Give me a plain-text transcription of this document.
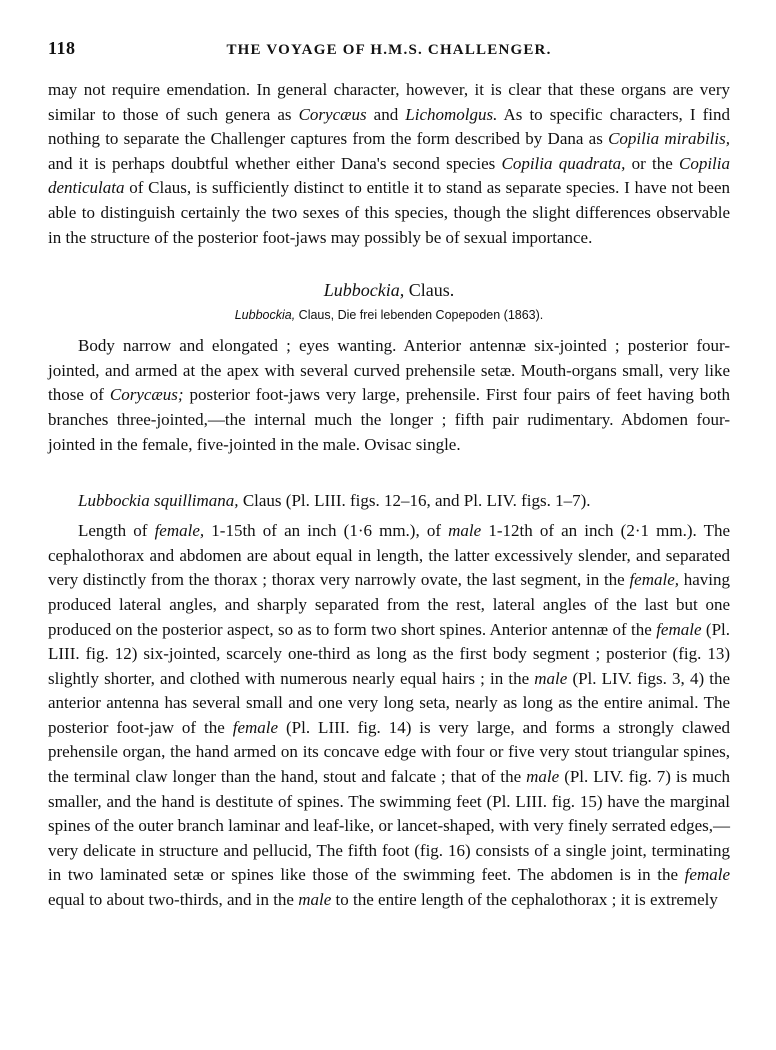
118	THE VOYAGE OF H.M.S. CHALLENGER.

may not require emendation. In general character, however, it is clear that these organs are very similar to those of such genera as Corycæus and Lichomolgus. As to specific characters, I find nothing to separate the Challenger captures from the form described by Dana as Copilia mirabilis, and it is perhaps doubtful whether either Dana's second species Copilia quadrata, or the Copilia denticulata of Claus, is sufficiently distinct to entitle it to stand as separate species. I have not been able to distinguish certainly the two sexes of this species, though the slight differences observable in the structure of the posterior foot-jaws may possibly be of sexual importance.

Lubbockia, Claus.
Lubbockia, Claus, Die frei lebenden Copepoden (1863).

Body narrow and elongated ; eyes wanting. Anterior antennæ six-jointed ; posterior four-jointed, and armed at the apex with several curved prehensile setæ. Mouth-organs small, very like those of Corycæus; posterior foot-jaws very large, prehensile. First four pairs of feet having both branches three-jointed,—the internal much the longer ; fifth pair rudimentary. Abdomen four-jointed in the female, five-jointed in the male. Ovisac single.

Lubbockia squillimana, Claus (Pl. LIII. figs. 12–16, and Pl. LIV. figs. 1–7).

Length of female, 1-15th of an inch (1·6 mm.), of male 1-12th of an inch (2·1 mm.). The cephalothorax and abdomen are about equal in length, the latter excessively slender, and separated very distinctly from the thorax ; thorax very narrowly ovate, the last segment, in the female, having produced lateral angles, and sharply separated from the rest, lateral angles of the last but one produced on the posterior aspect, so as to form two short spines. Anterior antennæ of the female (Pl. LIII. fig. 12) six-jointed, scarcely one-third as long as the first body segment ; posterior (fig. 13) slightly shorter, and clothed with numerous nearly equal hairs ; in the male (Pl. LIV. figs. 3, 4) the anterior antenna has several small and one very long seta, nearly as long as the entire animal. The posterior foot-jaw of the female (Pl. LIII. fig. 14) is very large, and forms a strongly clawed prehensile organ, the hand armed on its concave edge with four or five very stout triangular spines, the terminal claw longer than the hand, stout and falcate ; that of the male (Pl. LIV. fig. 7) is much smaller, and the hand is destitute of spines. The swimming feet (Pl. LIII. fig. 15) have the marginal spines of the outer branch laminar and leaf-like, or lancet-shaped, with very finely serrated edges,—very delicate in structure and pellucid, The fifth foot (fig. 16) consists of a single joint, terminating in two laminated setæ or spines like those of the swimming feet. The abdomen is in the female equal to about two-thirds, and in the male to the entire length of the cephalothorax ; it is extremely
